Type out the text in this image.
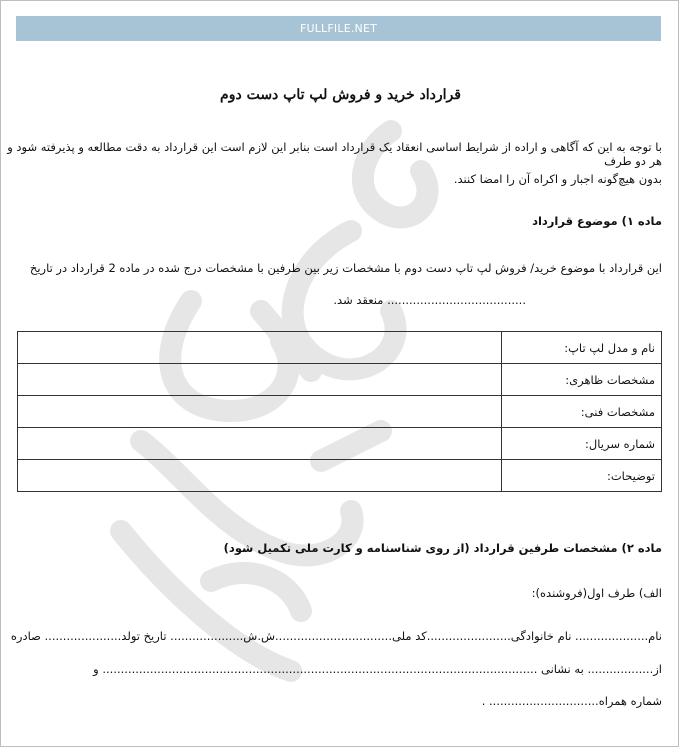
FULLFILE.NET
قرارداد خرید و فروش لپ تاپ دست دوم
با توجه به این که آگاهی و اراده از شرایط اساسی انعقاد یک قرارداد است بنابر این لازم است این قرارداد به دقت مطالعه و پذیرفته شود و هر دو طرف
بدون هیچ‌گونه اجبار و اکراه آن را امضا کنند.
ماده ۱) موضوع قرارداد
این قرارداد با موضوع خرید/ فروش لپ تاپ دست دوم با مشخصات زیر بین طرفین با مشخصات درج شده در ماده 2 قرارداد در تاریخ
...................................... منعقد شد.
نام و مدل لپ تاپ:	
مشخصات ظاهری:	
مشخصات فنی:	
شماره سریال:	
توضیحات:	
ماده ۲) مشخصات طرفین قرارداد (از روی شناسنامه و کارت ملی تکمیل شود)
الف) طرف اول(فروشنده):
نام.................... نام خانوادگی.......................کد ملی................................ش.ش.................... تاریخ تولد..................... صادره
از.................. به نشانی ....................................................................................................................... و
شماره همراه.............................. .
